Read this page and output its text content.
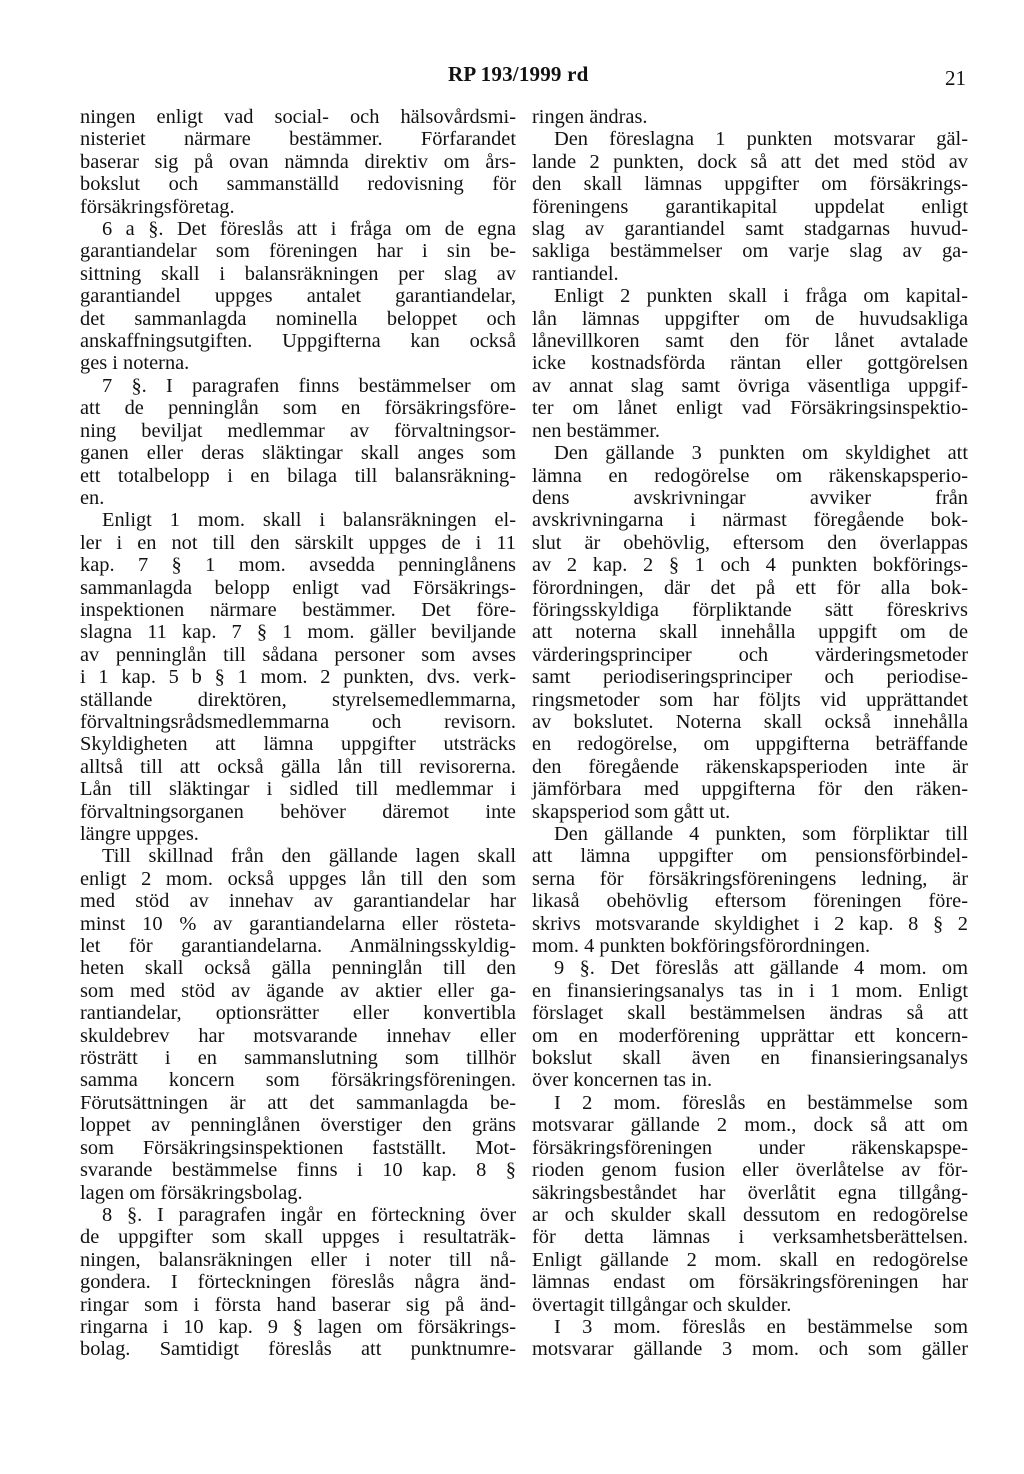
RP 193/1999 rd	21
ningen enligt vad social- och hälsovårdsmi-
nisteriet närmare bestämmer. Förfarandet
baserar sig på ovan nämnda direktiv om års-
bokslut och sammanställd redovisning för
försäkringsföretag.
6 a §. Det föreslås att i fråga om de egna
garantiandelar som föreningen har i sin be-
sittning skall i balansräkningen per slag av
garantiandel uppges antalet garantiandelar,
det sammanlagda nominella beloppet och
anskaffningsutgiften. Uppgifterna kan också
ges i noterna.
7 §. I paragrafen finns bestämmelser om
att de penninglån som en försäkringsföre-
ning beviljat medlemmar av förvaltningsor-
ganen eller deras släktingar skall anges som
ett totalbelopp i en bilaga till balansräkning-
en.
Enligt 1 mom. skall i balansräkningen el-
ler i en not till den särskilt uppges de i 11
kap. 7 § 1 mom. avsedda penninglånens
sammanlagda belopp enligt vad Försäkrings-
inspektionen närmare bestämmer. Det före-
slagna 11 kap. 7 § 1 mom. gäller beviljande
av penninglån till sådana personer som avses
i 1 kap. 5 b § 1 mom. 2 punkten, dvs. verk-
ställande direktören, styrelsemedlemmarna,
förvaltningsrådsmedlemmarna och revisorn.
Skyldigheten att lämna uppgifter utsträcks
alltså till att också gälla lån till revisorerna.
Lån till släktingar i sidled till medlemmar i
förvaltningsorganen behöver däremot inte
längre uppges.
Till skillnad från den gällande lagen skall
enligt 2 mom. också uppges lån till den som
med stöd av innehav av garantiandelar har
minst 10 % av garantiandelarna eller rösteta-
let för garantiandelarna. Anmälningsskyldig-
heten skall också gälla penninglån till den
som med stöd av ägande av aktier eller ga-
rantiandelar, optionsrätter eller konvertibla
skuldebrev har motsvarande innehav eller
rösträtt i en sammanslutning som tillhör
samma koncern som försäkringsföreningen.
Förutsättningen är att det sammanlagda be-
loppet av penninglånen överstiger den gräns
som Försäkringsinspektionen fastställt. Mot-
svarande bestämmelse finns i 10 kap. 8 §
lagen om försäkringsbolag.
8 §. I paragrafen ingår en förteckning över
de uppgifter som skall uppges i resultaträk-
ningen, balansräkningen eller i noter till nå-
gondera. I förteckningen föreslås några änd-
ringar som i första hand baserar sig på änd-
ringarna i 10 kap. 9 § lagen om försäkrings-
bolag. Samtidigt föreslås att punktnumre-
ringen ändras.
Den föreslagna 1 punkten motsvarar gäl-
lande 2 punkten, dock så att det med stöd av
den skall lämnas uppgifter om försäkrings-
föreningens garantikapital uppdelat enligt
slag av garantiandel samt stadgarnas huvud-
sakliga bestämmelser om varje slag av ga-
rantiandel.
Enligt 2 punkten skall i fråga om kapital-
lån lämnas uppgifter om de huvudsakliga
lånevillkoren samt den för lånet avtalade
icke kostnadsförda räntan eller gottgörelsen
av annat slag samt övriga väsentliga uppgif-
ter om lånet enligt vad Försäkringsinspektio-
nen bestämmer.
Den gällande 3 punkten om skyldighet att
lämna en redogörelse om räkenskapsperio-
dens avskrivningar avviker från
avskrivningarna i närmast föregående bok-
slut är obehövlig, eftersom den överlappas
av 2 kap. 2 § 1 och 4 punkten bokförings-
förordningen, där det på ett för alla bok-
föringsskyldiga förpliktande sätt föreskrivs
att noterna skall innehålla uppgift om de
värderingsprinciper och värderingsmetoder
samt periodiseringsprinciper och periodise-
ringsmetoder som har följts vid upprättandet
av bokslutet. Noterna skall också innehålla
en redogörelse, om uppgifterna beträffande
den föregående räkenskapsperioden inte är
jämförbara med uppgifterna för den räken-
skapsperiod som gått ut.
Den gällande 4 punkten, som förpliktar till
att lämna uppgifter om pensionsförbindel-
serna för försäkringsföreningens ledning, är
likaså obehövlig eftersom föreningen före-
skrivs motsvarande skyldighet i 2 kap. 8 § 2
mom. 4 punkten bokföringsförordningen.
9 §. Det föreslås att gällande 4 mom. om
en finansieringsanalys tas in i 1 mom. Enligt
förslaget skall bestämmelsen ändras så att
om en moderförening upprättar ett koncern-
bokslut skall även en finansieringsanalys
över koncernen tas in.
I 2 mom. föreslås en bestämmelse som
motsvarar gällande 2 mom., dock så att om
försäkringsföreningen under räkenskapspe-
rioden genom fusion eller överlåtelse av för-
säkringsbeståndet har överlåtit egna tillgång-
ar och skulder skall dessutom en redogörelse
för detta lämnas i verksamhetsberättelsen.
Enligt gällande 2 mom. skall en redogörelse
lämnas endast om försäkringsföreningen har
övertagit tillgångar och skulder.
I 3 mom. föreslås en bestämmelse som
motsvarar gällande 3 mom. och som gäller
